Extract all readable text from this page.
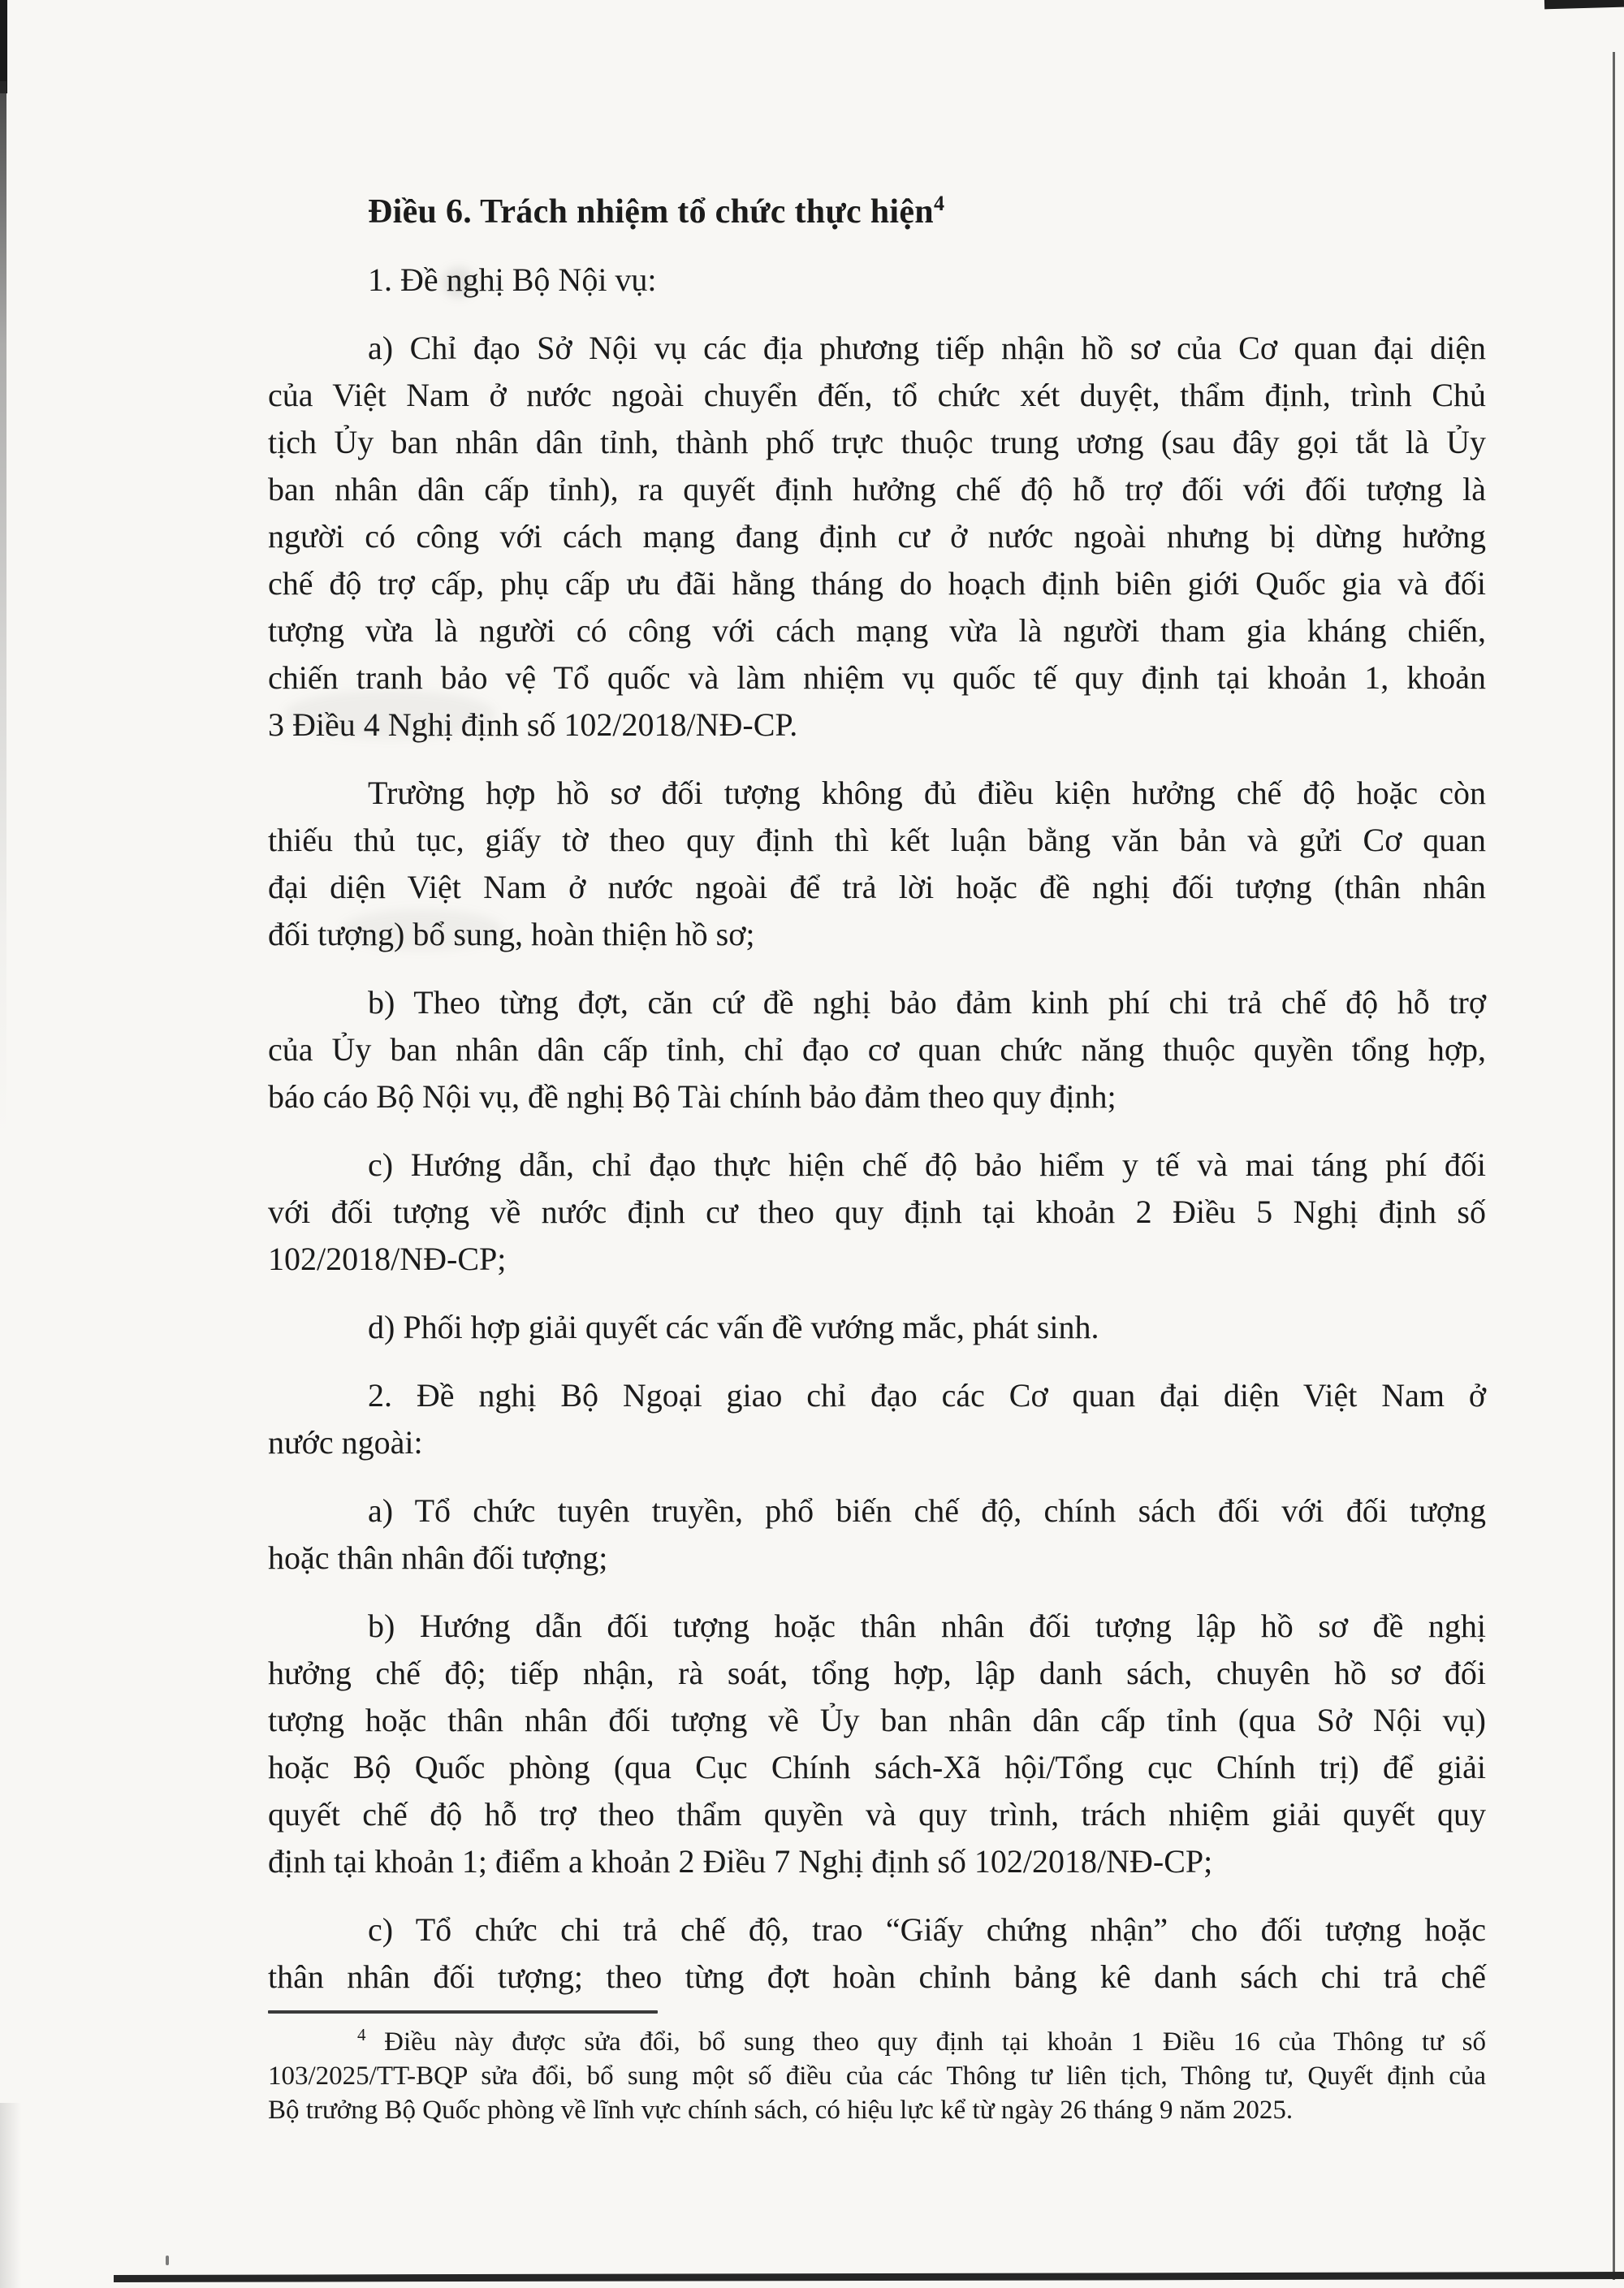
Điều 6. Trách nhiệm tổ chức thực hiện$^4$
1. Đề nghị Bộ Nội vụ:
a) Chỉ đạo Sở Nội vụ các địa phương tiếp nhận hồ sơ của Cơ quan đại diện
của Việt Nam ở nước ngoài chuyển đến, tổ chức xét duyệt, thẩm định, trình Chủ
tịch Ủy ban nhân dân tỉnh, thành phố trực thuộc trung ương (sau đây gọi tắt là Ủy
ban nhân dân cấp tỉnh), ra quyết định hưởng chế độ hỗ trợ đối với đối tượng là
người có công với cách mạng đang định cư ở nước ngoài nhưng bị dừng hưởng
chế độ trợ cấp, phụ cấp ưu đãi hằng tháng do hoạch định biên giới Quốc gia và đối
tượng vừa là người có công với cách mạng vừa là người tham gia kháng chiến,
chiến tranh bảo vệ Tổ quốc và làm nhiệm vụ quốc tế quy định tại khoản 1, khoản
3 Điều 4 Nghị định số 102/2018/NĐ-CP.
Trường hợp hồ sơ đối tượng không đủ điều kiện hưởng chế độ hoặc còn
thiếu thủ tục, giấy tờ theo quy định thì kết luận bằng văn bản và gửi Cơ quan
đại diện Việt Nam ở nước ngoài để trả lời hoặc đề nghị đối tượng (thân nhân
đối tượng) bổ sung, hoàn thiện hồ sơ;
b) Theo từng đợt, căn cứ đề nghị bảo đảm kinh phí chi trả chế độ hỗ trợ
của Ủy ban nhân dân cấp tỉnh, chỉ đạo cơ quan chức năng thuộc quyền tổng hợp,
báo cáo Bộ Nội vụ, đề nghị Bộ Tài chính bảo đảm theo quy định;
c) Hướng dẫn, chỉ đạo thực hiện chế độ bảo hiểm y tế và mai táng phí đối
với đối tượng về nước định cư theo quy định tại khoản 2 Điều 5 Nghị định số
102/2018/NĐ-CP;
d) Phối hợp giải quyết các vấn đề vướng mắc, phát sinh.
2. Đề nghị Bộ Ngoại giao chỉ đạo các Cơ quan đại diện Việt Nam ở
nước ngoài:
a) Tổ chức tuyên truyền, phổ biến chế độ, chính sách đối với đối tượng
hoặc thân nhân đối tượng;
b) Hướng dẫn đối tượng hoặc thân nhân đối tượng lập hồ sơ đề nghị
hưởng chế độ; tiếp nhận, rà soát, tổng hợp, lập danh sách, chuyên hồ sơ đối
tượng hoặc thân nhân đối tượng về Ủy ban nhân dân cấp tỉnh (qua Sở Nội vụ)
hoặc Bộ Quốc phòng (qua Cục Chính sách-Xã hội/Tổng cục Chính trị) để giải
quyết chế độ hỗ trợ theo thẩm quyền và quy trình, trách nhiệm giải quyết quy
định tại khoản 1; điểm a khoản 2 Điều 7 Nghị định số 102/2018/NĐ-CP;
c) Tổ chức chi trả chế độ, trao “Giấy chứng nhận” cho đối tượng hoặc
thân nhân đối tượng; theo từng đợt hoàn chỉnh bảng kê danh sách chi trả chế
$^4$ Điều này được sửa đổi, bổ sung theo quy định tại khoản 1 Điều 16 của Thông tư số
103/2025/TT-BQP sửa đổi, bổ sung một số điều của các Thông tư liên tịch, Thông tư, Quyết định của
Bộ trưởng Bộ Quốc phòng về lĩnh vực chính sách, có hiệu lực kể từ ngày 26 tháng 9 năm 2025.
